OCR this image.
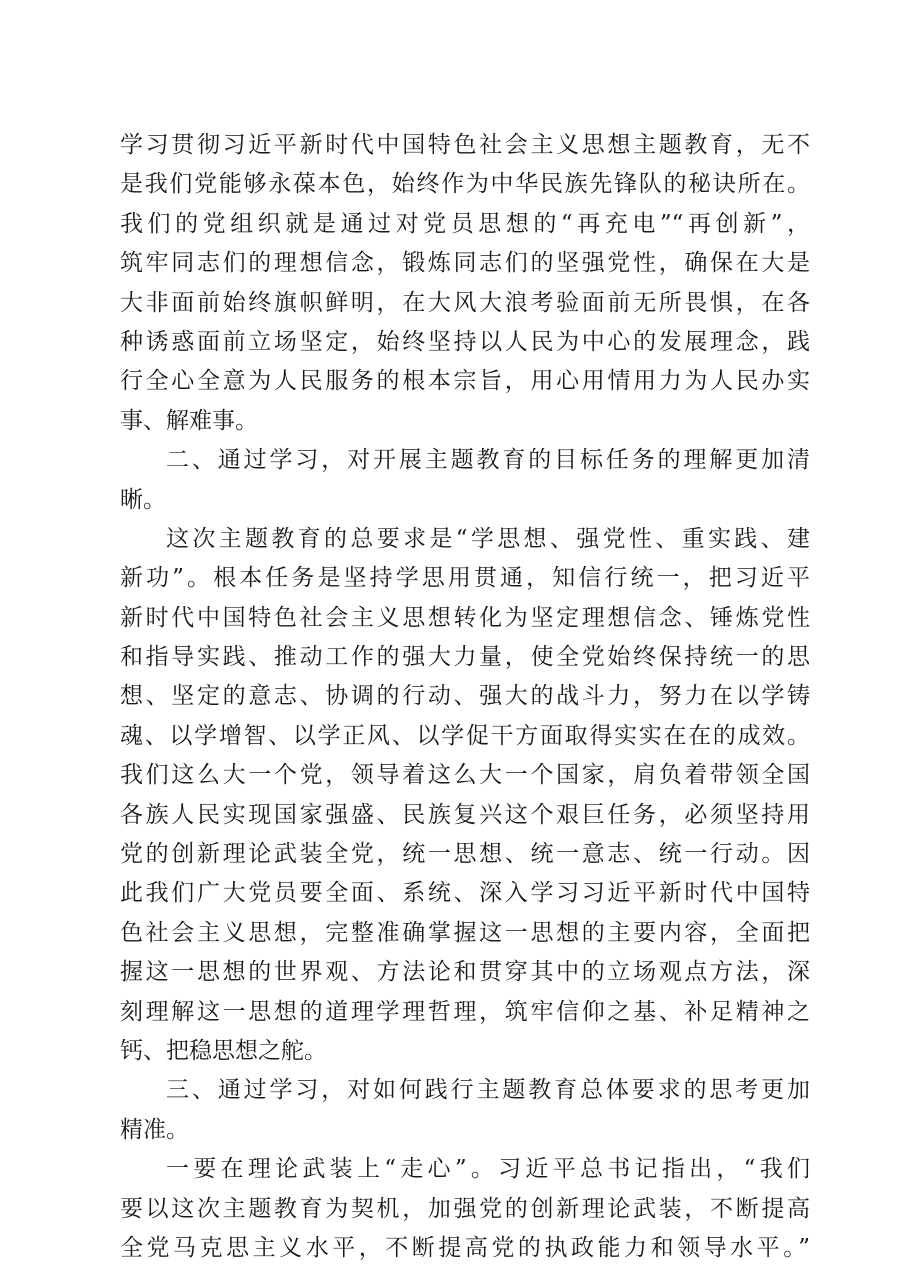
学习贯彻习近平新时代中国特色社会主义思想主题教育，无不
是我们党能够永葆本色，始终作为中华民族先锋队的秘诀所在。
我们的党组织就是通过对党员思想的“再充电”“再创新”，
筑牢同志们的理想信念，锻炼同志们的坚强党性，确保在大是
大非面前始终旗帜鲜明，在大风大浪考验面前无所畏惧，在各
种诱惑面前立场坚定，始终坚持以人民为中心的发展理念，践
行全心全意为人民服务的根本宗旨，用心用情用力为人民办实
事、解难事。
二、通过学习，对开展主题教育的目标任务的理解更加清
晰。
这次主题教育的总要求是“学思想、强党性、重实践、建
新功”。根本任务是坚持学思用贯通，知信行统一，把习近平
新时代中国特色社会主义思想转化为坚定理想信念、锤炼党性
和指导实践、推动工作的强大力量，使全党始终保持统一的思
想、坚定的意志、协调的行动、强大的战斗力，努力在以学铸
魂、以学增智、以学正风、以学促干方面取得实实在在的成效。
我们这么大一个党，领导着这么大一个国家，肩负着带领全国
各族人民实现国家强盛、民族复兴这个艰巨任务，必须坚持用
党的创新理论武装全党，统一思想、统一意志、统一行动。因
此我们广大党员要全面、系统、深入学习习近平新时代中国特
色社会主义思想，完整准确掌握这一思想的主要内容，全面把
握这一思想的世界观、方法论和贯穿其中的立场观点方法，深
刻理解这一思想的道理学理哲理，筑牢信仰之基、补足精神之
钙、把稳思想之舵。
三、通过学习，对如何践行主题教育总体要求的思考更加
精准。
一要在理论武装上“走心”。习近平总书记指出，“我们
要以这次主题教育为契机，加强党的创新理论武装，不断提高
全党马克思主义水平，不断提高党的执政能力和领导水平。”
